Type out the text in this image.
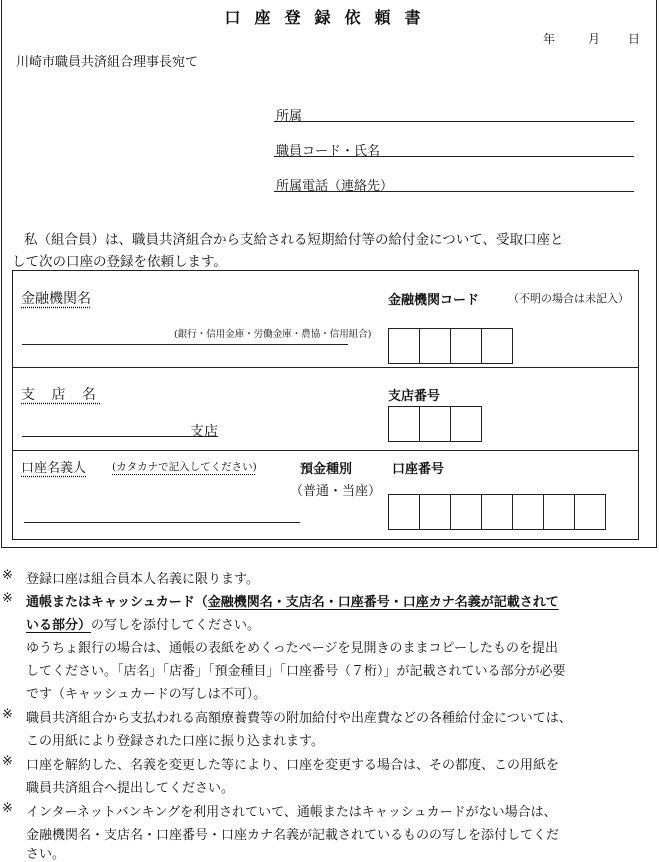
口座登録依頼書
年	月 日
川崎市職員共済組合理事長宛て
所属
職員コード・氏名
所属電話（連絡先）
私（組合員）は、職員共済組合から支給される短期給付等の給付金について、受取口座と
して次の口座の登録を依頼します。
金融機関名
(銀行・信用金庫・労働金庫・農協・信用組合)
金融機関コード	（不明の場合は未記入）
支 店 名
支店
支店番号
口座名義人 (カタカナで記入してください)	預金種別
（普通・当座）
口座番号
※ 登録口座は組合員本人名義に限ります。
※ 通帳またはキャッシュカード（金融機関名・支店名・口座番号・口座カナ名義が記載されて
いる部分）の写しを添付してください。
ゆうちょ銀行の場合は、通帳の表紙をめくったページを見開きのままコピーしたものを提出
してください。「店名」「店番」「預金種目」「口座番号（７桁）」が記載されている部分が必要
です（キャッシュカードの写しは不可）。
※ 職員共済組合から支払われる高額療養費等の附加給付や出産費などの各種給付金については、
この用紙により登録された口座に振り込まれます。
※ 口座を解約した、名義を変更した等により、口座を変更する場合は、その都度、この用紙を
職員共済組合へ提出してください。
※ インターネットバンキングを利用されていて、通帳またはキャッシュカードがない場合は、
金融機関名・支店名・口座番号・口座カナ名義が記載されているものの写しを添付してくだ
さい。
